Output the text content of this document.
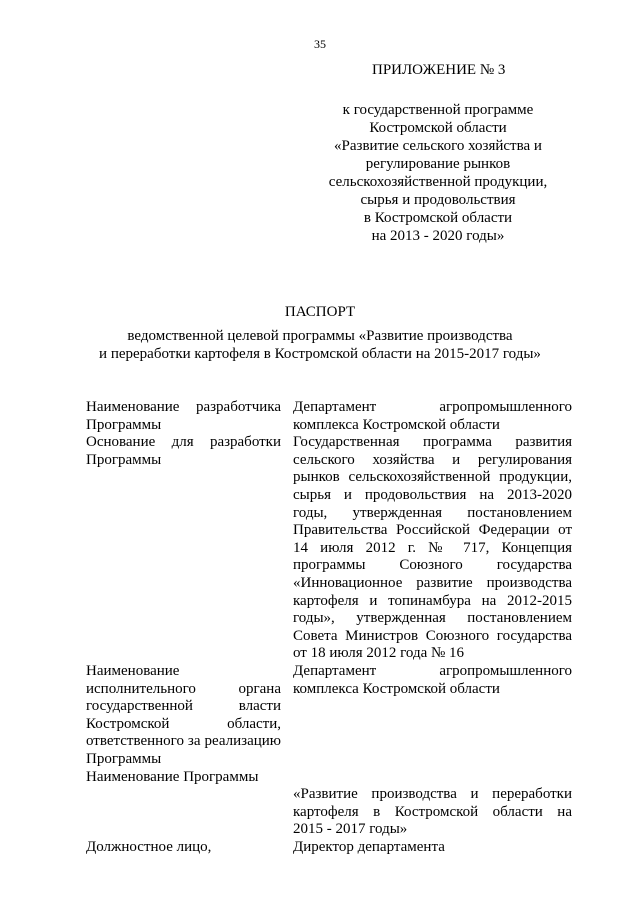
35
ПРИЛОЖЕНИЕ № 3
к государственной программе
Костромской области
«Развитие сельского хозяйства и
регулирование рынков
сельскохозяйственной продукции,
сырья и продовольствия
в Костромской области
на 2013 - 2020 годы»
ПАСПОРТ
ведомственной целевой программы «Развитие производства
и переработки картофеля в Костромской области на 2015-2017 годы»
Наименование разработчика
Программы
Департамент агропромышленного
комплекса Костромской области
Основание для разработки
Программы
Государственная программа развития
сельского хозяйства и регулирования
рынков сельскохозяйственной продукции,
сырья и продовольствия на 2013-2020
годы, утвержденная постановлением
Правительства Российской Федерации от
14 июля 2012 г. № 717, Концепция
программы Союзного государства
«Инновационное развитие производства
картофеля и топинамбура на 2012-2015
годы», утвержденная постановлением
Совета Министров Союзного государства
от 18 июля 2012 года № 16
Наименование
исполнительного органа
государственной власти
Костромской области,
ответственного за реализацию
Программы
Департамент агропромышленного
комплекса Костромской области
Наименование Программы
«Развитие производства и переработки
картофеля в Костромской области на
2015 - 2017 годы»
Должностное лицо,	Директор департамента
